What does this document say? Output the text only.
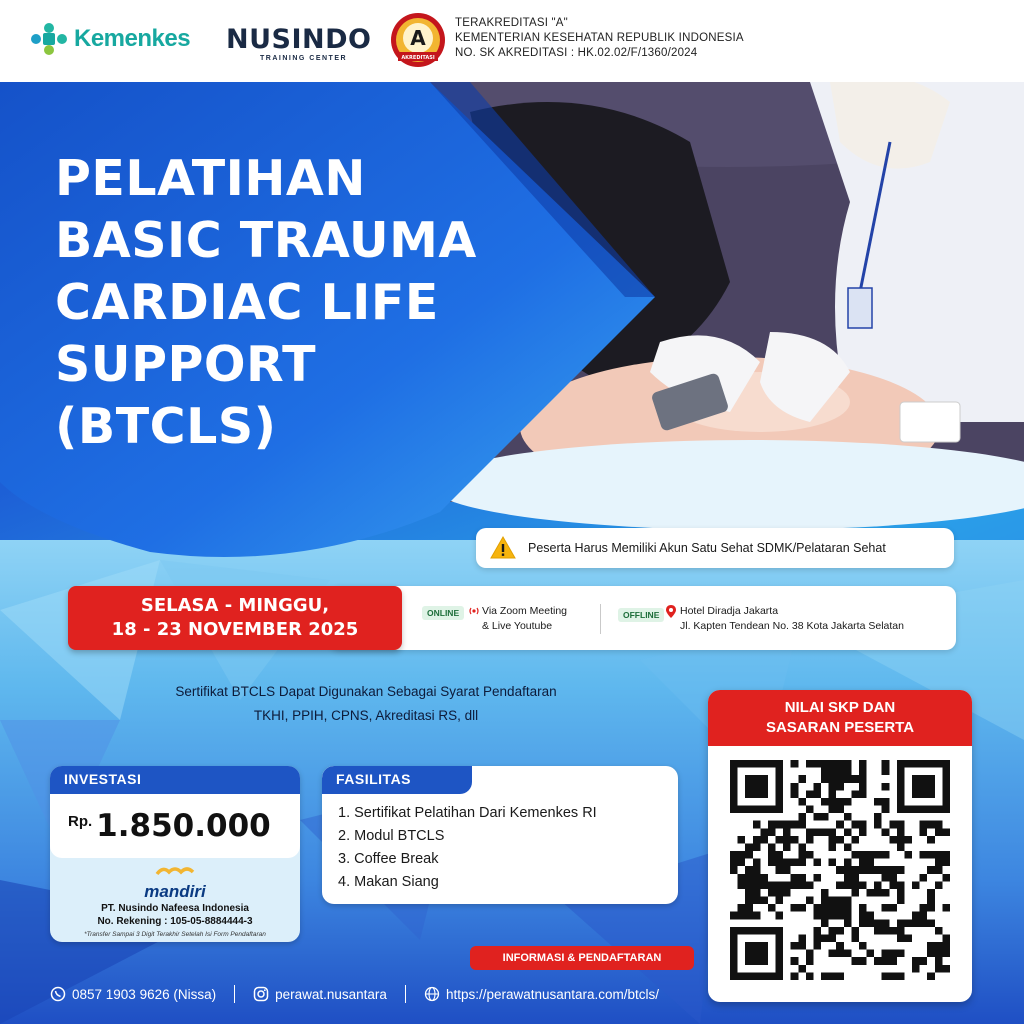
PELATIHAN
BASIC TRAUMA
CARDIAC LIFE
SUPPORT
(BTCLS)
Kemenkes NUSINDO
TRAINING CENTER
A
AKREDITASI
TERAKREDITASI "A"
KEMENTERIAN KESEHATAN REPUBLIK INDONESIA
NO. SK AKREDITASI : HK.02.02/F/1360/2024
Peserta Harus Memiliki Akun Satu Sehat SDMK/Pelataran Sehat
SELASA - MINGGU,
18 - 23 NOVEMBER 2025
ONLINE	Via Zoom Meeting
& Live Youtube
OFFLINE	Hotel Diradja Jakarta
Jl. Kapten Tendean No. 38 Kota Jakarta Selatan
Sertifikat BTCLS Dapat Digunakan Sebagai Syarat Pendaftaran
TKHI, PPIH, CPNS, Akreditasi RS, dll
INVESTASI
Rp. 1.850.000
mandiri
PT. Nusindo Nafeesa Indonesia
No. Rekening : 105-05-8884444-3
*Transfer Sampai 3 Digit Terakhir Setelah Isi Form Pendaftaran
FASILITAS
1. Sertifikat Pelatihan Dari Kemenkes RI
2. Modul BTCLS
3. Coffee Break
4. Makan Siang
INFORMASI & PENDAFTARAN
NILAI SKP DAN
SASARAN PESERTA
0857 1903 9626 (Nissa)	perawat.nusantara	https://perawatnusantara.com/btcls/
